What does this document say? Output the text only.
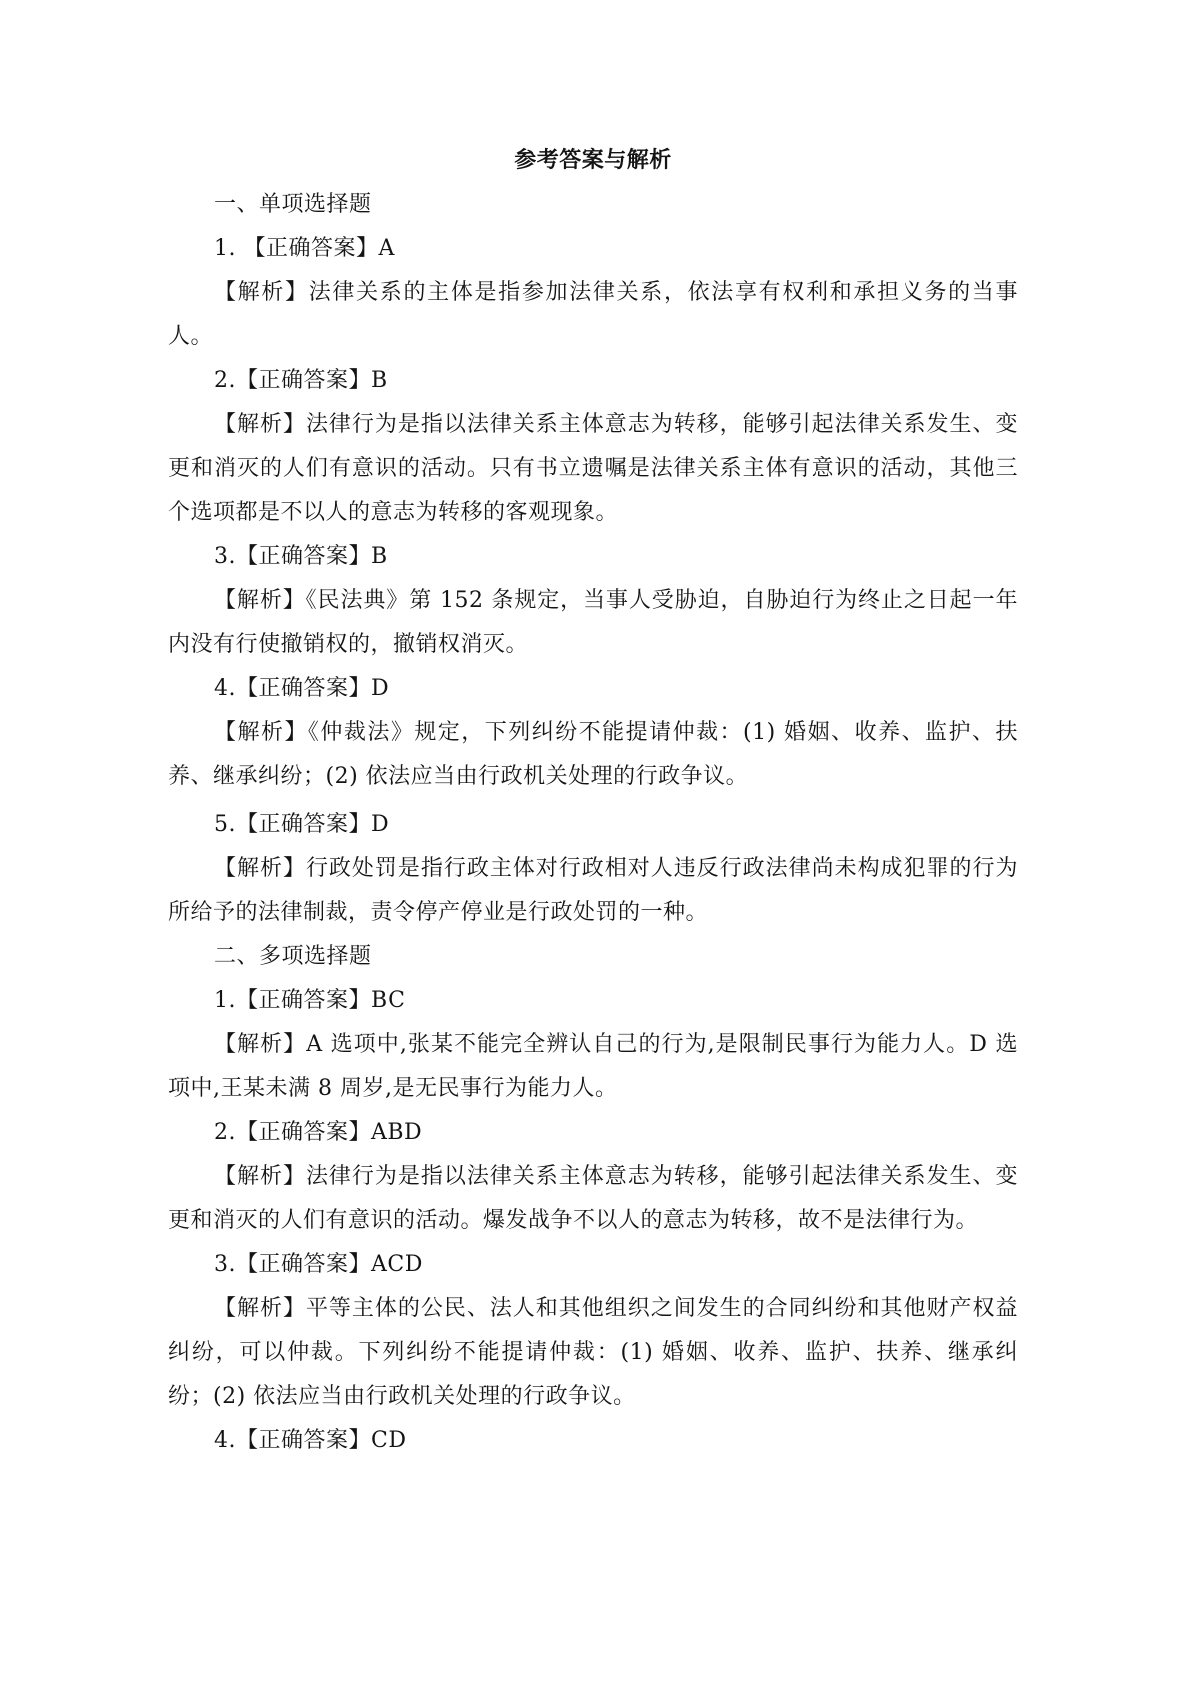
参考答案与解析

一、单项选择题

1. 【正确答案】A

【解析】法律关系的主体是指参加法律关系，依法享有权利和承担义务的当事人。

2.【正确答案】B

【解析】法律行为是指以法律关系主体意志为转移，能够引起法律关系发生、变更和消灭的人们有意识的活动。只有书立遗嘱是法律关系主体有意识的活动，其他三个选项都是不以人的意志为转移的客观现象。

3.【正确答案】B

【解析】《民法典》第 152 条规定，当事人受胁迫，自胁迫行为终止之日起一年内没有行使撤销权的，撤销权消灭。

4.【正确答案】D

【解析】《仲裁法》规定，下列纠纷不能提请仲裁：(1) 婚姻、收养、监护、扶养、继承纠纷；(2) 依法应当由行政机关处理的行政争议。

5.【正确答案】D

【解析】行政处罚是指行政主体对行政相对人违反行政法律尚未构成犯罪的行为所给予的法律制裁，责令停产停业是行政处罚的一种。

二、多项选择题

1.【正确答案】BC

【解析】A 选项中,张某不能完全辨认自己的行为,是限制民事行为能力人。D 选项中,王某未满 8 周岁,是无民事行为能力人。

2.【正确答案】ABD

【解析】法律行为是指以法律关系主体意志为转移，能够引起法律关系发生、变更和消灭的人们有意识的活动。爆发战争不以人的意志为转移，故不是法律行为。

3.【正确答案】ACD

【解析】平等主体的公民、法人和其他组织之间发生的合同纠纷和其他财产权益纠纷，可以仲裁。下列纠纷不能提请仲裁：(1) 婚姻、收养、监护、扶养、继承纠纷；(2) 依法应当由行政机关处理的行政争议。

4.【正确答案】CD
